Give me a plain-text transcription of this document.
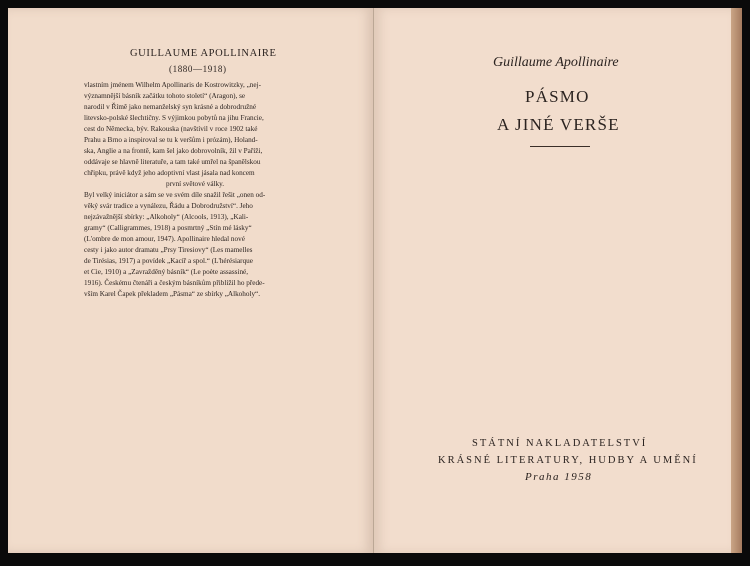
GUILLAUME APOLLINAIRE
(1880—1918)
vlastním jménem Wilhelm Apollinaris de Kostrowitzky, „nej-
významnější básník začátku tohoto století“ (Aragon), se
narodil v Římě jako nemanželský syn krásné a dobrodružné
litevsko-polské šlechtičny. S výjimkou pobytů na jihu Francie,
cest do Německa, býv. Rakouska (navštívil v roce 1902 také
Prahu a Brno a inspiroval se tu k veršům i prózám), Holand-
ska, Anglie a na frontě, kam šel jako dobrovolník, žil v Paříži,
oddávaje se hlavně literatuře, a tam také umřel na španělskou
chřipku, právě když jeho adoptivní vlast jásala nad koncem
první světové války.
Byl velký iniciátor a sám se ve svém díle snažil řešit „onen od-
věký svár tradice a vynálezu, Řádu a Dobrodružství“. Jeho
nejzávažnější sbírky: „Alkoholy“ (Alcools, 1913), „Kali-
gramy“ (Calligrammes, 1918) a posmrtný „Stín mé lásky“
(L'ombre de mon amour, 1947). Apollinaire hledal nové
cesty i jako autor dramatu „Prsy Tiresiovy“ (Les mamelles
de Tirésias, 1917) a povídek „Kacíř a spol.“ (L'hérésiarque
et Cie, 1910) a „Zavražděný básník“ (Le poète assassiné,
1916). Českému čtenáři a českým básníkům přiblížil ho přede-
vším Karel Čapek překladem „Pásma“ ze sbírky „Alkoholy“.
Guillaume Apollinaire
PÁSMO
A JINÉ VERŠE
STÁTNÍ NAKLADATELSTVÍ
KRÁSNÉ LITERATURY, HUDBY A UMĚNÍ
Praha 1958
